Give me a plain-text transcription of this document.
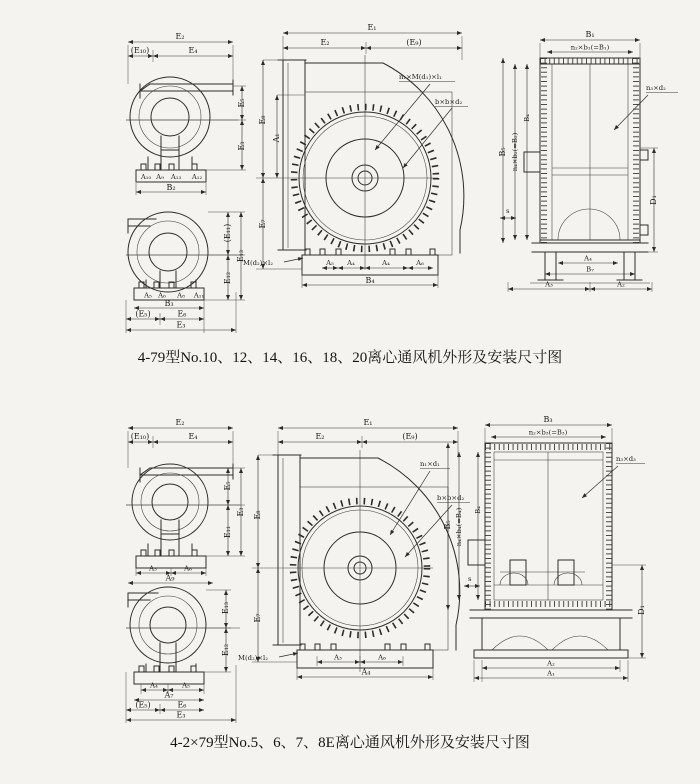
E₂
(E₁₀)	E₄
E₅
E₃
A₁₀ A₉ A₁₃ A₁₂
B₂
(E₁₁)
E₁₂
E₁₃
A₅ A₆ A₈ A₁₁
B₃
(E₅)	E₆
E₃
E₁
E₂	(E₉)
E₈
A₁
E₇
M(d₂)×l₂	A₅ A₄	A₄	A₆
B₄
n₁×M(d₁)×l₁
b×b×d₂
B₁
n₂×b₁(=B₁)
B₅ n₄×b₂(=B₂)
B₄
n₃×d₂
s
D₁
A₄
B₇
A₃	A₂
4-79型No.10、12、14、16、18、20离心通风机外形及安装尺寸图
E₂
(E₁₀)	E₄
E₅
E₁₁
E₃
A₃	A₆
A₉
E₁₃
E₁₂
A₄	A₅
A₇
(E₅)	E₆
E₃
E₁
E₂	(E₉)
E₈
E₇
M(d₂)×l₂	A₃	A₆
A₄
n₁×d₁
b×b×d₂
B₃
n₂×b₃(=B₃)
B₅ n₄×b₄(=B₄) B₄
n₃×d₃
s
D₁
A₂
A₁
4-2×79型No.5、6、7、8E离心通风机外形及安装尺寸图
